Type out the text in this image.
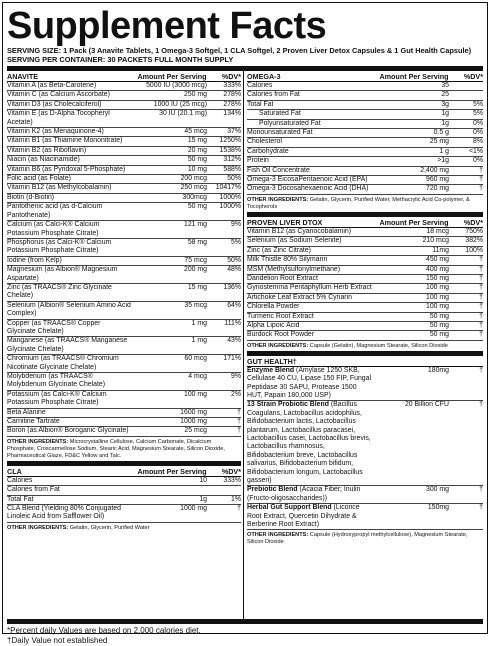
Supplement Facts
SERVING SIZE: 1 Pack (3 Anavite Tablets, 1 Omega-3 Softgel, 1 CLA Softgel, 2 Proven Liver Detox Capsules & 1 Gut Health Capsule)
SERVING PER CONTAINER: 30 PACKETS FULL MONTH SUPPLY
ANAVITE	Amount Per Serving	%DV*
Vitamin A (as Beta-Carotene)	5000 IU (3000 mcg)	333%
Vitamin C (as Calcium Ascorbate)	250 mg	278%
Vitamin D3 (as Cholecalciferol)	1000 IU (25 mcg)	278%
Vitamin E (as D-Alpha Tocopheryl Acetate)
30 IU (20.1 mg)	134%
Vitamin K2 (as Menaquinone-4)	45 mcg	37%
Vitamin B1 (as Thiamine Mononitrate)	15 mg	1250%
Vitamin B2 (as Riboflavin)	20 mg	1538%
Niacin (as Niacinamide)	50 mg	312%
Vitamin B6 (as Pyridoxal 5-Phosphate)	10 mg	588%
Folic acid (as Folate)	200 mcg	50%
Vitamin B12 (as Methylcobalamin)	250 mcg	10417%
Biotin (d-Biotin)	300mcg	1000%
Pantothenic acid (as d-Calcium Pantothenate)
50 mg	1000%
Calcium (as Calci-K® Calcium Potassium Phosphate Citrate)
121 mg	9%
Phosphorus (as Calci-K® Calcium Potassium Phosphate Citrate)
58 mg	5%
Iodine (from Kelp)	75 mcg	50%
Magnesium (as Albion® Magnesium Aspartate)
200 mg	48%
Zinc (as TRAACS® Zinc Glycinate Chelate)
15 mg	136%
Selenium (Albion® Selenium Amino Acid Complex)
35 mcg	64%
Copper (as TRAACS® Copper Glycinate Chelate)
1 mg	111%
Manganese (as TRAACS® Manganese Glycinate Chelate)
1 mg	43%
Chromium (as TRAACS® Chromium Nicotinate Glycinate Chelate)
60 mcg	171%
Molybdenum (as TRAACS® Molybdenum Glycinate Chelate)
4 mcg	9%
Potassium (as Calci-K® Calcium Potassium Phosphate Citrate)
100 mg	2%
Beta Alanine	1600 mg	†
Carnitine Tartrate	1000 mg	†
Boron (as Albion® Boroganic Glycinate)	25 mcg	†
OTHER INGREDIENTS: Microcrystalline Cellulose, Calcium Carbonate, Dicalcium Phosphate, Croscarmellose Sodium, Stearic Acid, Magnesium Stearate, Silicon Dioxide, Pharmaceutical Glaze, FD&C Yellow and Talc.
CLA	Amount Per Serving	%DV*
Calories	10	333%
Calories from Fat
Total Fat	1g	1%
CLA Blend (Yielding 80% Conjugated Linoleic Acid from Safflower Oil)
1000 mg	†
OTHER INGREDIENTS: Gelatin, Glycerin, Purified Water
OMEGA-3	Amount Per Serving	%DV*
Calories	35
Calories from Fat	25
Total Fat	3g	5%
Saturated Fat	1g	5%
Polyunsaturated Fat	1g	0%
Monounsaturated Fat	0.5 g	0%
Cholesterol	25 mg	8%
Carbohydrate	1 g	<1%
Protein	>1g	0%
Fish Oil Concentrate	2,400 mg	†
Omega-3 EicosaPentaenoic Acid (EPA)	960 mg	†
Omega-3 Docosahexaenoic Acid (DHA)	720 mg	†
OTHER INGREDIENTS: Gelatin, Glycerin, Purified Water, Methacrylic Acid Co-polymer, & Tocopherols
PROVEN LIVER DTOX	Amount Per Serving	%DV*
Vitamin B12 (as Cyanocobalamin)	18 mcg	750%
Selenium (as Sodium Selenite)	210 mcg	382%
Zinc (as Zinc Citrate)	11mg	100%
Milk Thistle 80% Silymarin	450 mg	†
MSM (Methylsulfonylmethane)	400 mg	†
Dandelion Root Extract	150 mg	†
Gynostemma Pentaphyllum Herb Extract	100 mg	†
Artichoke Leaf Extract 5% Cynarin	100 mg	†
Chlorella Powder	100 mg	†
Turmeric Root Extract	50 mg	†
Alpha Lipoic Acid	50 mg	†
Burdock Root Powder	50 mg	†
OTHER INGREDIENTS: Capsule (Gelatin), Magnesium Stearate, Silicon Dioxide
GUT HEALTH†
Enzyme Blend (Amylase 1250 SKB, Cellulase 40 CU, Lipase 150 FIP, Fungal Peptidase 30 SAPU, Protease 1500 HUT, Papain 180,000 USP)
180mg	†
13 Strain Probiotic Blend (Bacillus Coagulans, Lactobacillus acidophilus, Bifidobacterium lactis, Lactobacillus plantarum, Lactobacillus paracasei, Lactobacillus casei, Lactobacillus brevis, Lactobacillus rhamnosus, Bifidobacterium breve, Lactobacillus salivarius, Bifidobacterium bifidum, Bifidobacterium longum, Lactobacillus gasseri)
20 Billion CFU	†
Prebiotic Blend (Acacia Fiber; Inulin (Fructo-oligosaccharides))
300 mg	†
Herbal Gut Support Blend (Licorice Root Extract, Quercetin Dihydrate & Berberine Root Extract)
150mg	†
OTHER INGREDIENTS: Capsule (Hydroxypropyl methylcellulose), Magnesium Stearate, Silicon Dioxide
*Percent daily Values are based on 2,000 calories diet.
†Daily Value not established
